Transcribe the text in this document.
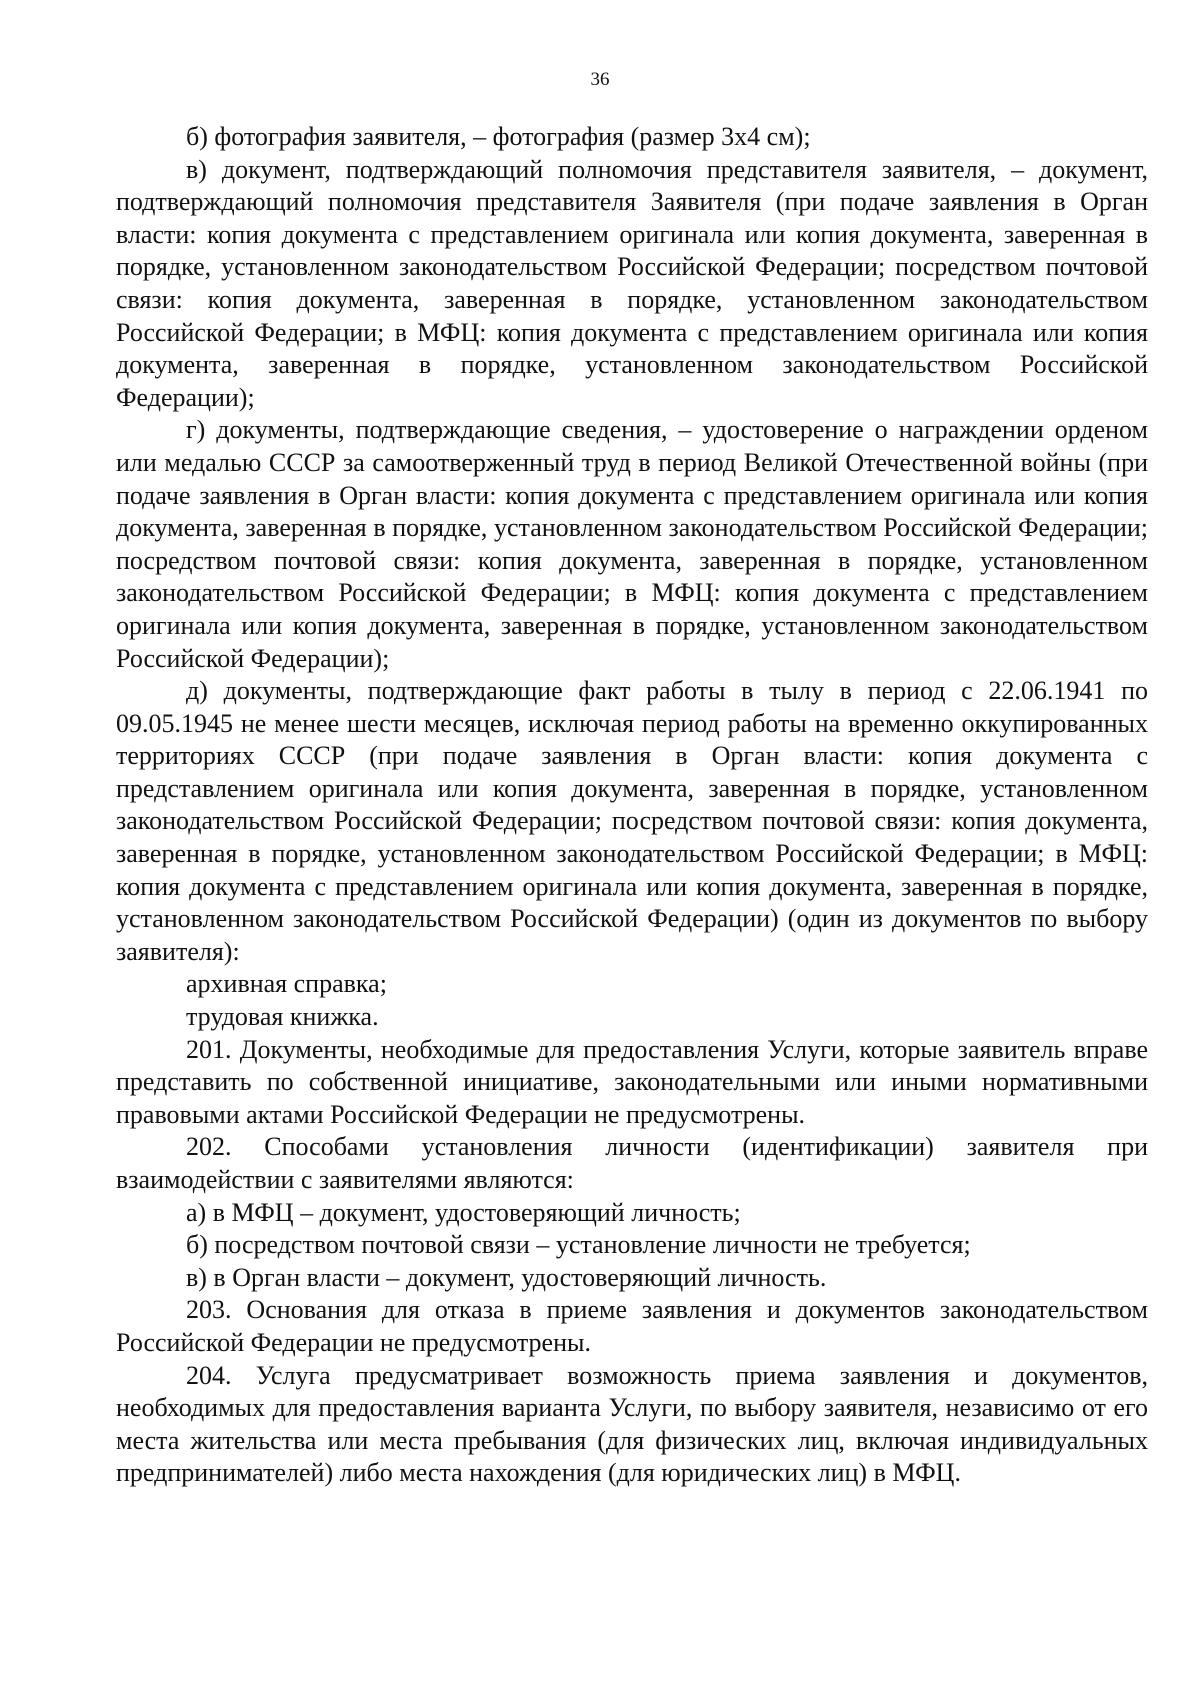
36

б) фотография заявителя, – фотография (размер 3х4 см);

в) документ, подтверждающий полномочия представителя заявителя, – документ, подтверждающий полномочия представителя Заявителя (при подаче заявления в Орган власти: копия документа с представлением оригинала или копия документа, заверенная в порядке, установленном законодательством Российской Федерации; посредством почтовой связи: копия документа, заверенная в порядке, установленном законодательством Российской Федерации; в МФЦ: копия документа с представлением оригинала или копия документа, заверенная в порядке, установленном законодательством Российской Федерации);

г) документы, подтверждающие сведения, – удостоверение о награждении орденом или медалью СССР за самоотверженный труд в период Великой Отечественной войны (при подаче заявления в Орган власти: копия документа с представлением оригинала или копия документа, заверенная в порядке, установленном законодательством Российской Федерации; посредством почтовой связи: копия документа, заверенная в порядке, установленном законодательством Российской Федерации; в МФЦ: копия документа с представлением оригинала или копия документа, заверенная в порядке, установленном законодательством Российской Федерации);

д) документы, подтверждающие факт работы в тылу в период с 22.06.1941 по 09.05.1945 не менее шести месяцев, исключая период работы на временно оккупированных территориях СССР (при подаче заявления в Орган власти: копия документа с представлением оригинала или копия документа, заверенная в порядке, установленном законодательством Российской Федерации; посредством почтовой связи: копия документа, заверенная в порядке, установленном законодательством Российской Федерации; в МФЦ: копия документа с представлением оригинала или копия документа, заверенная в порядке, установленном законодательством Российской Федерации) (один из документов по выбору заявителя):

архивная справка;

трудовая книжка.

201. Документы, необходимые для предоставления Услуги, которые заявитель вправе представить по собственной инициативе, законодательными или иными нормативными правовыми актами Российской Федерации не предусмотрены.

202. Способами установления личности (идентификации) заявителя при взаимодействии с заявителями являются:

а) в МФЦ – документ, удостоверяющий личность;

б) посредством почтовой связи – установление личности не требуется;

в) в Орган власти – документ, удостоверяющий личность.

203. Основания для отказа в приеме заявления и документов законодательством Российской Федерации не предусмотрены.

204. Услуга предусматривает возможность приема заявления и документов, необходимых для предоставления варианта Услуги, по выбору заявителя, независимо от его места жительства или места пребывания (для физических лиц, включая индивидуальных предпринимателей) либо места нахождения (для юридических лиц) в МФЦ.
